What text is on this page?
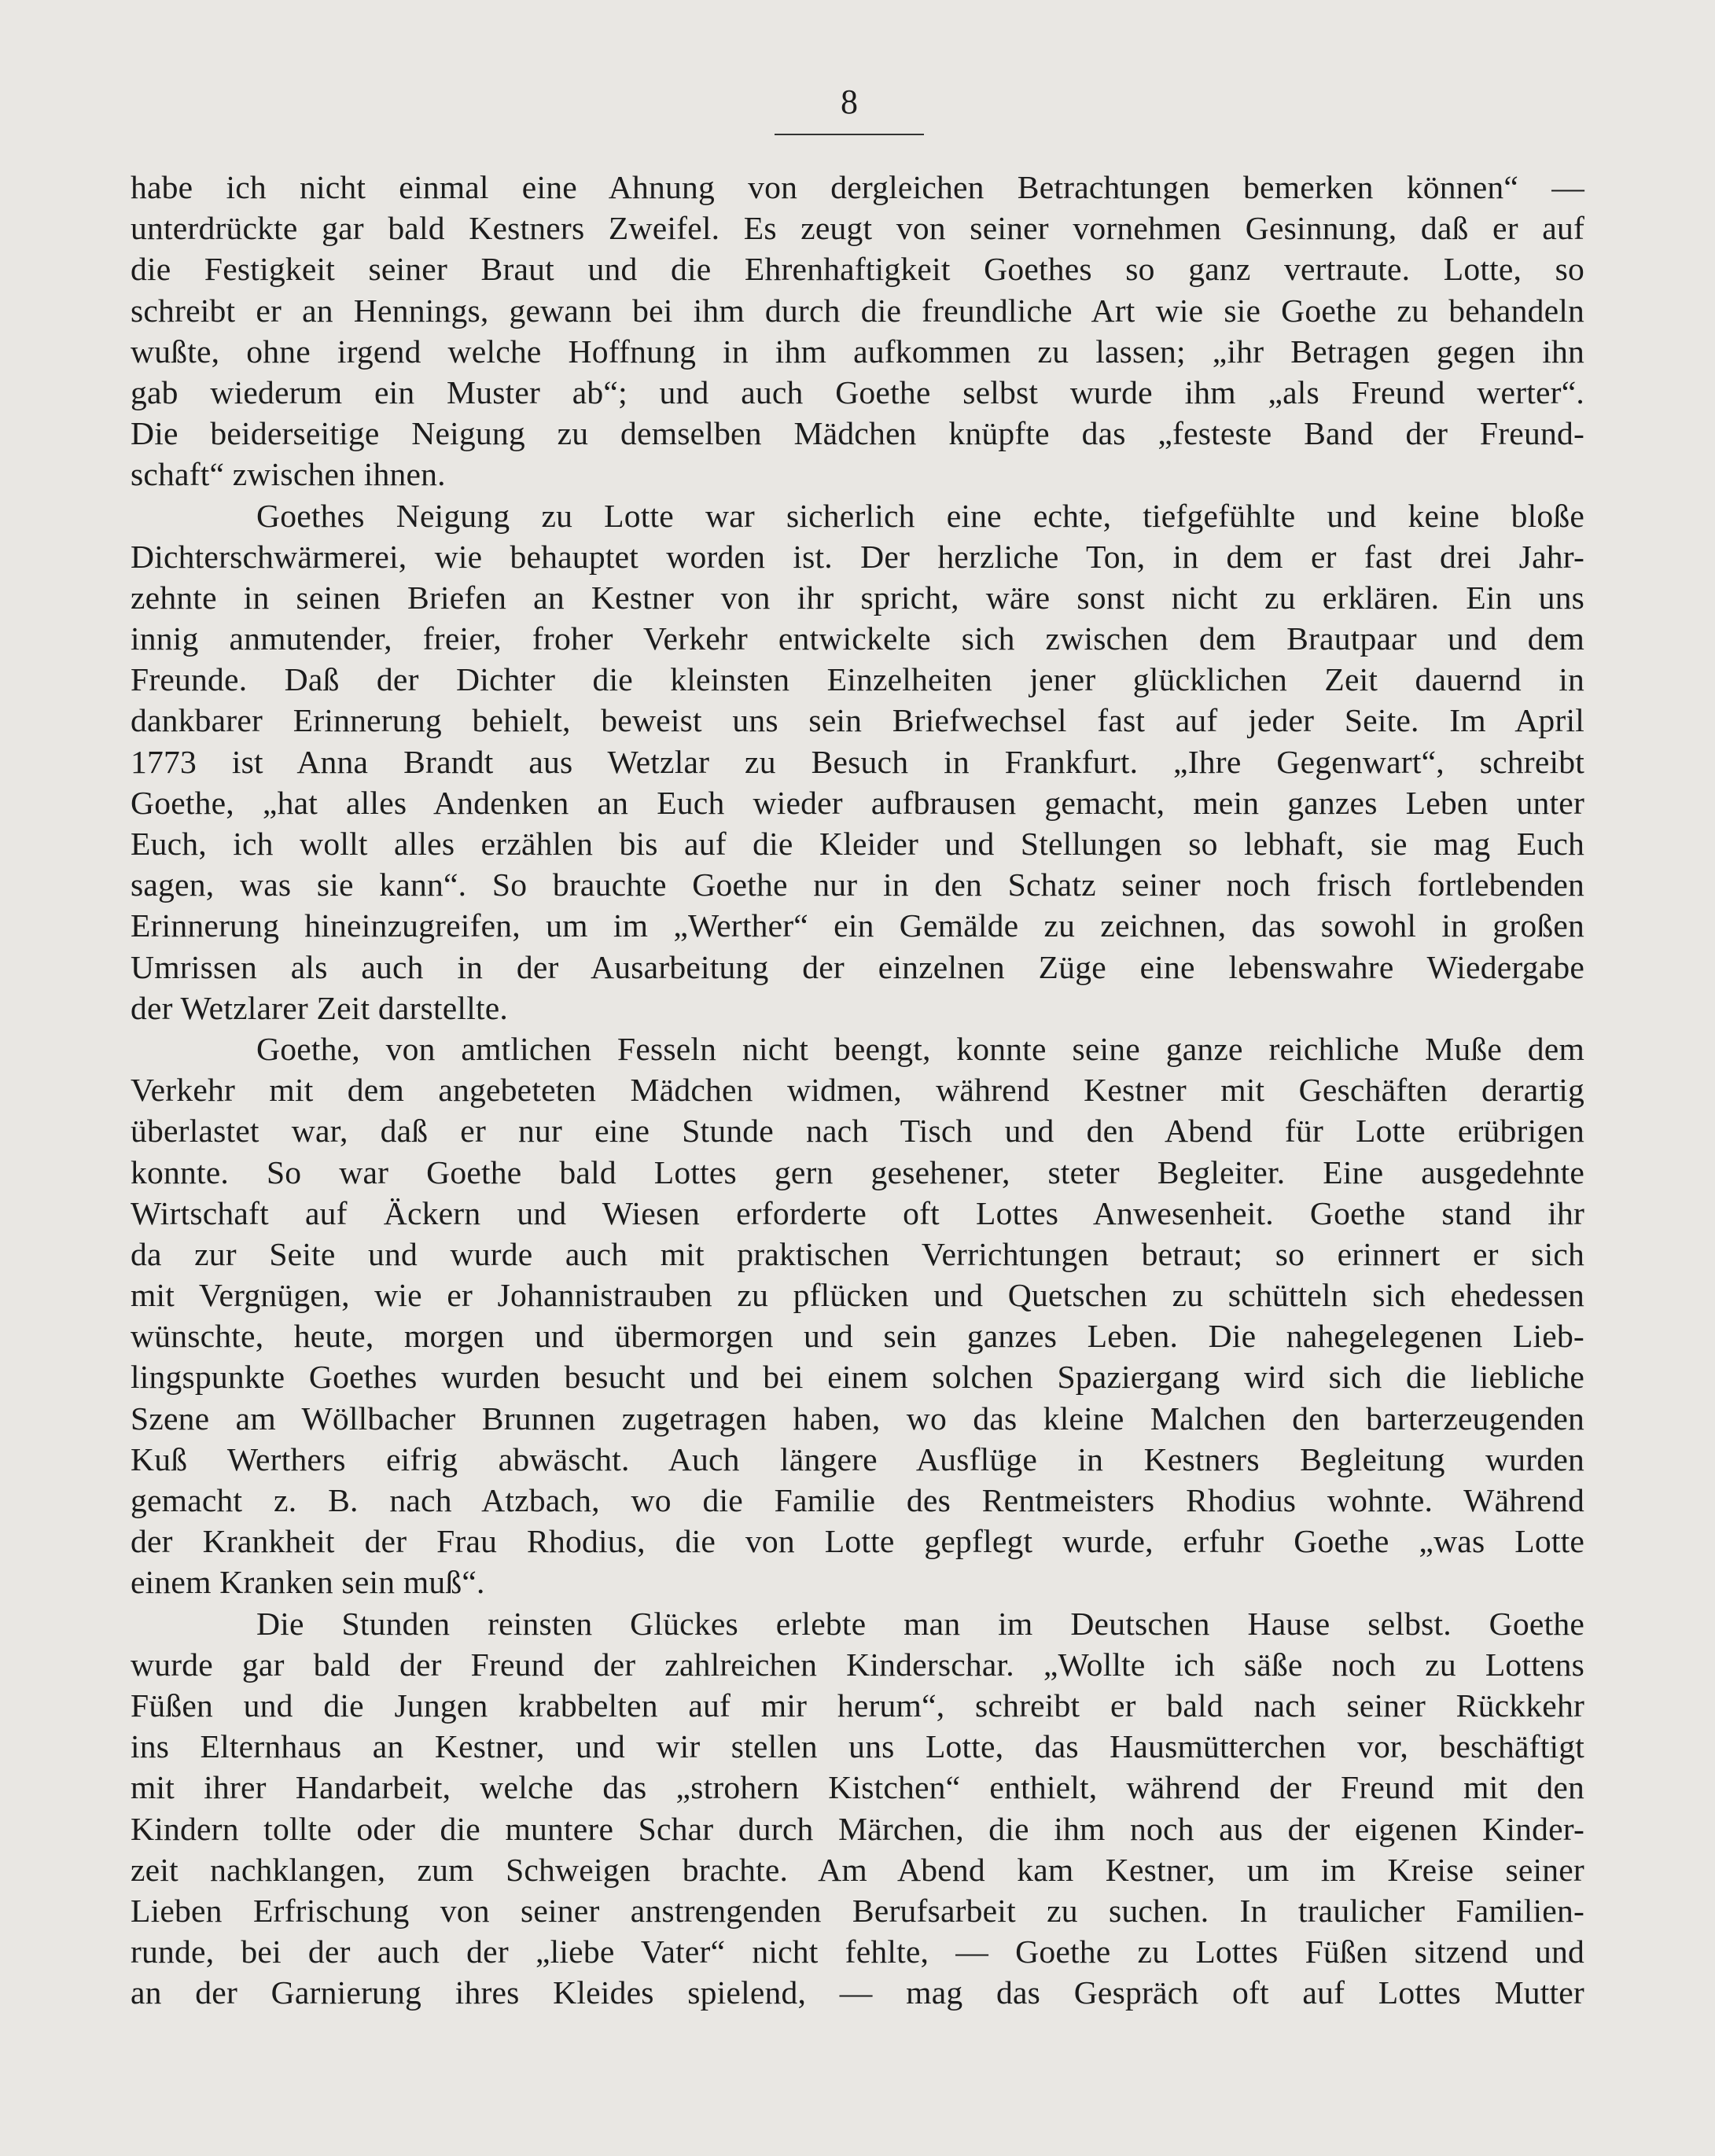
8
habe ich nicht einmal eine Ahnung von dergleichen Betrachtungen bemerken können“ —
unterdrückte gar bald Kestners Zweifel. Es zeugt von seiner vornehmen Gesinnung, daß er auf
die Festigkeit seiner Braut und die Ehrenhaftigkeit Goethes so ganz vertraute. Lotte, so
schreibt er an Hennings, gewann bei ihm durch die freundliche Art wie sie Goethe zu behandeln
wußte, ohne irgend welche Hoffnung in ihm aufkommen zu lassen; „ihr Betragen gegen ihn
gab wiederum ein Muster ab“; und auch Goethe selbst wurde ihm „als Freund werter“.
Die beiderseitige Neigung zu demselben Mädchen knüpfte das „festeste Band der Freund-
schaft“ zwischen ihnen.
Goethes Neigung zu Lotte war sicherlich eine echte, tiefgefühlte und keine bloße
Dichterschwärmerei, wie behauptet worden ist. Der herzliche Ton, in dem er fast drei Jahr-
zehnte in seinen Briefen an Kestner von ihr spricht, wäre sonst nicht zu erklären. Ein uns
innig anmutender, freier, froher Verkehr entwickelte sich zwischen dem Brautpaar und dem
Freunde. Daß der Dichter die kleinsten Einzelheiten jener glücklichen Zeit dauernd in
dankbarer Erinnerung behielt, beweist uns sein Briefwechsel fast auf jeder Seite. Im April
1773 ist Anna Brandt aus Wetzlar zu Besuch in Frankfurt. „Ihre Gegenwart“, schreibt
Goethe, „hat alles Andenken an Euch wieder aufbrausen gemacht, mein ganzes Leben unter
Euch, ich wollt alles erzählen bis auf die Kleider und Stellungen so lebhaft, sie mag Euch
sagen, was sie kann“. So brauchte Goethe nur in den Schatz seiner noch frisch fortlebenden
Erinnerung hineinzugreifen, um im „Werther“ ein Gemälde zu zeichnen, das sowohl in großen
Umrissen als auch in der Ausarbeitung der einzelnen Züge eine lebenswahre Wiedergabe
der Wetzlarer Zeit darstellte.
Goethe, von amtlichen Fesseln nicht beengt, konnte seine ganze reichliche Muße dem
Verkehr mit dem angebeteten Mädchen widmen, während Kestner mit Geschäften derartig
überlastet war, daß er nur eine Stunde nach Tisch und den Abend für Lotte erübrigen
konnte. So war Goethe bald Lottes gern gesehener, steter Begleiter. Eine ausgedehnte
Wirtschaft auf Äckern und Wiesen erforderte oft Lottes Anwesenheit. Goethe stand ihr
da zur Seite und wurde auch mit praktischen Verrichtungen betraut; so erinnert er sich
mit Vergnügen, wie er Johannistrauben zu pflücken und Quetschen zu schütteln sich ehedessen
wünschte, heute, morgen und übermorgen und sein ganzes Leben. Die nahegelegenen Lieb-
lingspunkte Goethes wurden besucht und bei einem solchen Spaziergang wird sich die liebliche
Szene am Wöllbacher Brunnen zugetragen haben, wo das kleine Malchen den barterzeugenden
Kuß Werthers eifrig abwäscht. Auch längere Ausflüge in Kestners Begleitung wurden
gemacht z. B. nach Atzbach, wo die Familie des Rentmeisters Rhodius wohnte. Während
der Krankheit der Frau Rhodius, die von Lotte gepflegt wurde, erfuhr Goethe „was Lotte
einem Kranken sein muß“.
Die Stunden reinsten Glückes erlebte man im Deutschen Hause selbst. Goethe
wurde gar bald der Freund der zahlreichen Kinderschar. „Wollte ich säße noch zu Lottens
Füßen und die Jungen krabbelten auf mir herum“, schreibt er bald nach seiner Rückkehr
ins Elternhaus an Kestner, und wir stellen uns Lotte, das Hausmütterchen vor, beschäftigt
mit ihrer Handarbeit, welche das „strohern Kistchen“ enthielt, während der Freund mit den
Kindern tollte oder die muntere Schar durch Märchen, die ihm noch aus der eigenen Kinder-
zeit nachklangen, zum Schweigen brachte. Am Abend kam Kestner, um im Kreise seiner
Lieben Erfrischung von seiner anstrengenden Berufsarbeit zu suchen. In traulicher Familien-
runde, bei der auch der „liebe Vater“ nicht fehlte, — Goethe zu Lottes Füßen sitzend und
an der Garnierung ihres Kleides spielend, — mag das Gespräch oft auf Lottes Mutter
